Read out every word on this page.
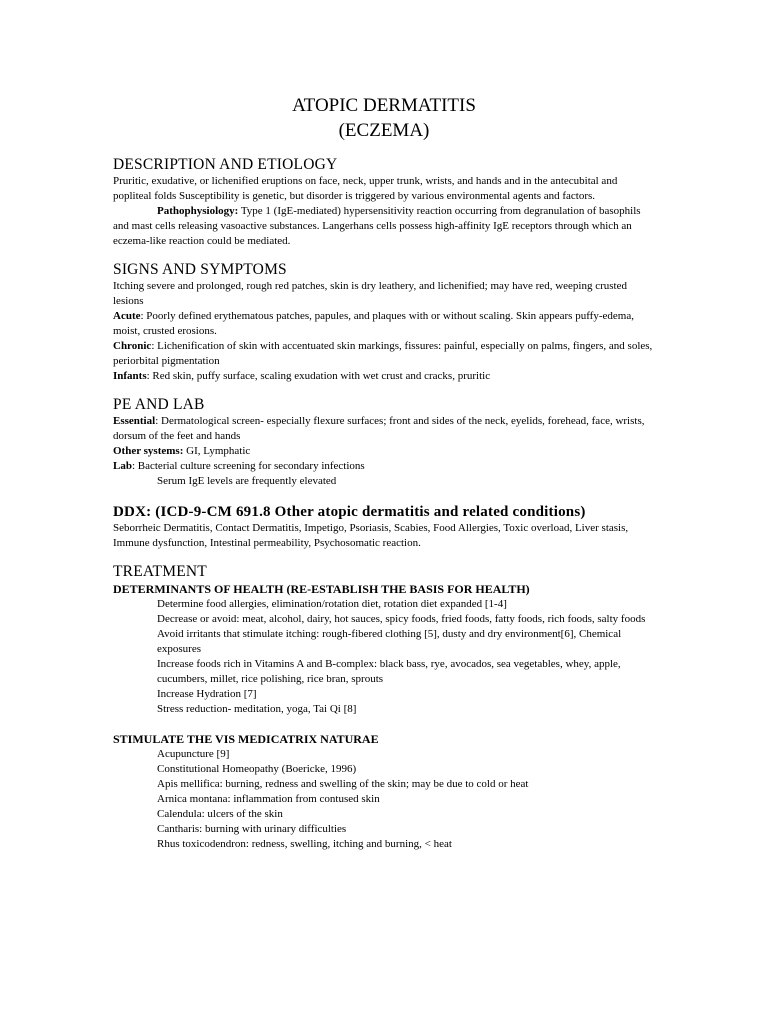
ATOPIC DERMATITIS
(ECZEMA)
DESCRIPTION AND ETIOLOGY

Pruritic, exudative, or lichenified eruptions on face, neck, upper trunk, wrists, and hands and in the antecubital and popliteal folds Susceptibility is genetic, but disorder is triggered by various environmental agents and factors.

Pathophysiology: Type 1 (IgE-mediated) hypersensitivity reaction occurring from degranulation of basophils and mast cells releasing vasoactive substances. Langerhans cells possess high-affinity IgE receptors through which an eczema-like reaction could be mediated.

SIGNS AND SYMPTOMS

Itching severe and prolonged, rough red patches, skin is dry leathery, and lichenified; may have red, weeping crusted lesions

Acute: Poorly defined erythematous patches, papules, and plaques with or without scaling. Skin appears puffy-edema, moist, crusted erosions.

Chronic: Lichenification of skin with accentuated skin markings, fissures: painful, especially on palms, fingers, and soles, periorbital pigmentation

Infants: Red skin, puffy surface, scaling exudation with wet crust and cracks, pruritic

PE AND LAB

Essential: Dermatological screen- especially flexure surfaces; front and sides of the neck, eyelids, forehead, face, wrists, dorsum of the feet and hands

Other systems: GI, Lymphatic

Lab: Bacterial culture screening for secondary infections

Serum IgE levels are frequently elevated

DDX: (ICD-9-CM 691.8 Other atopic dermatitis and related conditions)

Seborrheic Dermatitis, Contact Dermatitis, Impetigo, Psoriasis, Scabies, Food Allergies, Toxic overload, Liver stasis, Immune dysfunction, Intestinal permeability, Psychosomatic reaction.

TREATMENT
DETERMINANTS OF HEALTH (RE-ESTABLISH THE BASIS FOR HEALTH)

Determine food allergies, elimination/rotation diet, rotation diet expanded [1-4]

Decrease or avoid: meat, alcohol, dairy, hot sauces, spicy foods, fried foods, fatty foods, rich foods, salty foods

Avoid irritants that stimulate itching: rough-fibered clothing [5], dusty and dry environment[6], Chemical exposures

Increase foods rich in Vitamins A and B-complex: black bass, rye, avocados, sea vegetables, whey, apple, cucumbers, millet, rice polishing, rice bran, sprouts

Increase Hydration [7]

Stress reduction- meditation, yoga, Tai Qi [8]

STIMULATE THE VIS MEDICATRIX NATURAE

Acupuncture [9]

Constitutional Homeopathy (Boericke, 1996)

Apis mellifica: burning, redness and swelling of the skin; may be due to cold or heat

Arnica montana: inflammation from contused skin

Calendula: ulcers of the skin

Cantharis: burning with urinary difficulties

Rhus toxicodendron: redness, swelling, itching and burning, < heat
